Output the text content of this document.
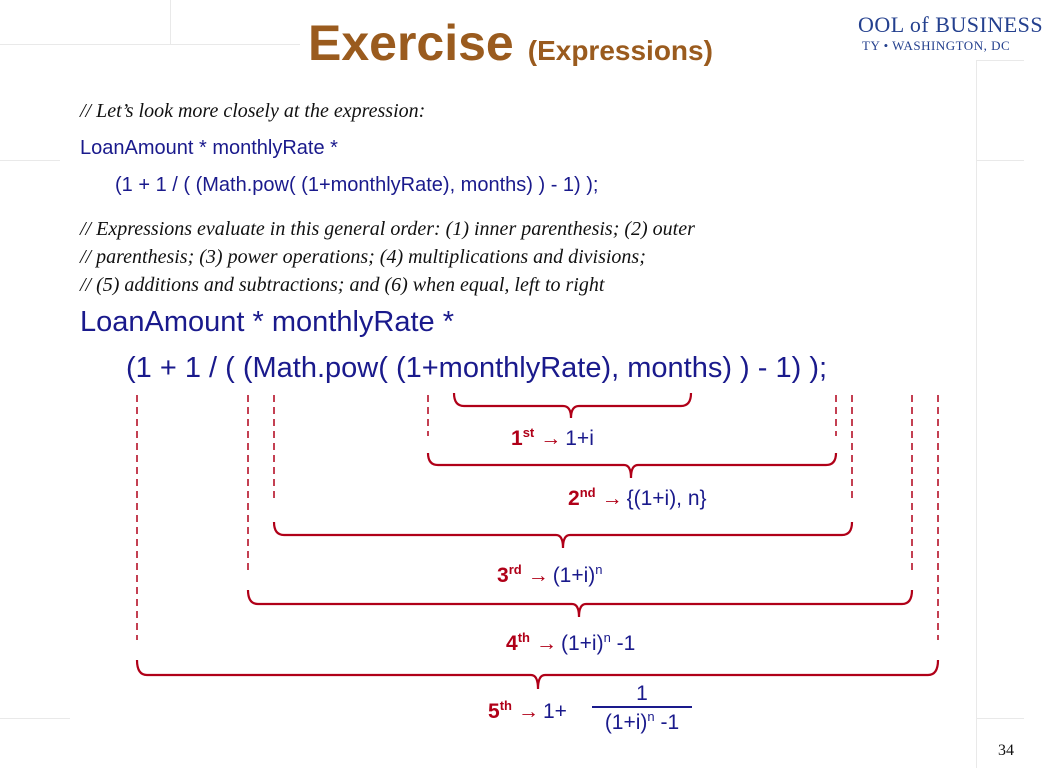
Exercise (Expressions)
OOL of BUSINESS
TY • WASHINGTON, DC
// Let’s look more closely at the expression:
LoanAmount * monthlyRate *
(1 + 1 / ( (Math.pow( (1+monthlyRate), months) ) - 1) );
// Expressions evaluate in this general order: (1) inner parenthesis; (2) outer
// parenthesis; (3) power operations; (4) multiplications and divisions;
// (5) additions and subtractions; and (6) when equal, left to right
LoanAmount * monthlyRate *
(1 + 1 / ( (Math.pow( (1+monthlyRate), months) ) - 1) );
1st → 1+i
2nd → {(1+i), n}
$3rd \to (1+i)^n$
$4th \to (1+i)^n$ -1
$5th \to 1+ \frac{1}{(1+i)^n -1}$
34
